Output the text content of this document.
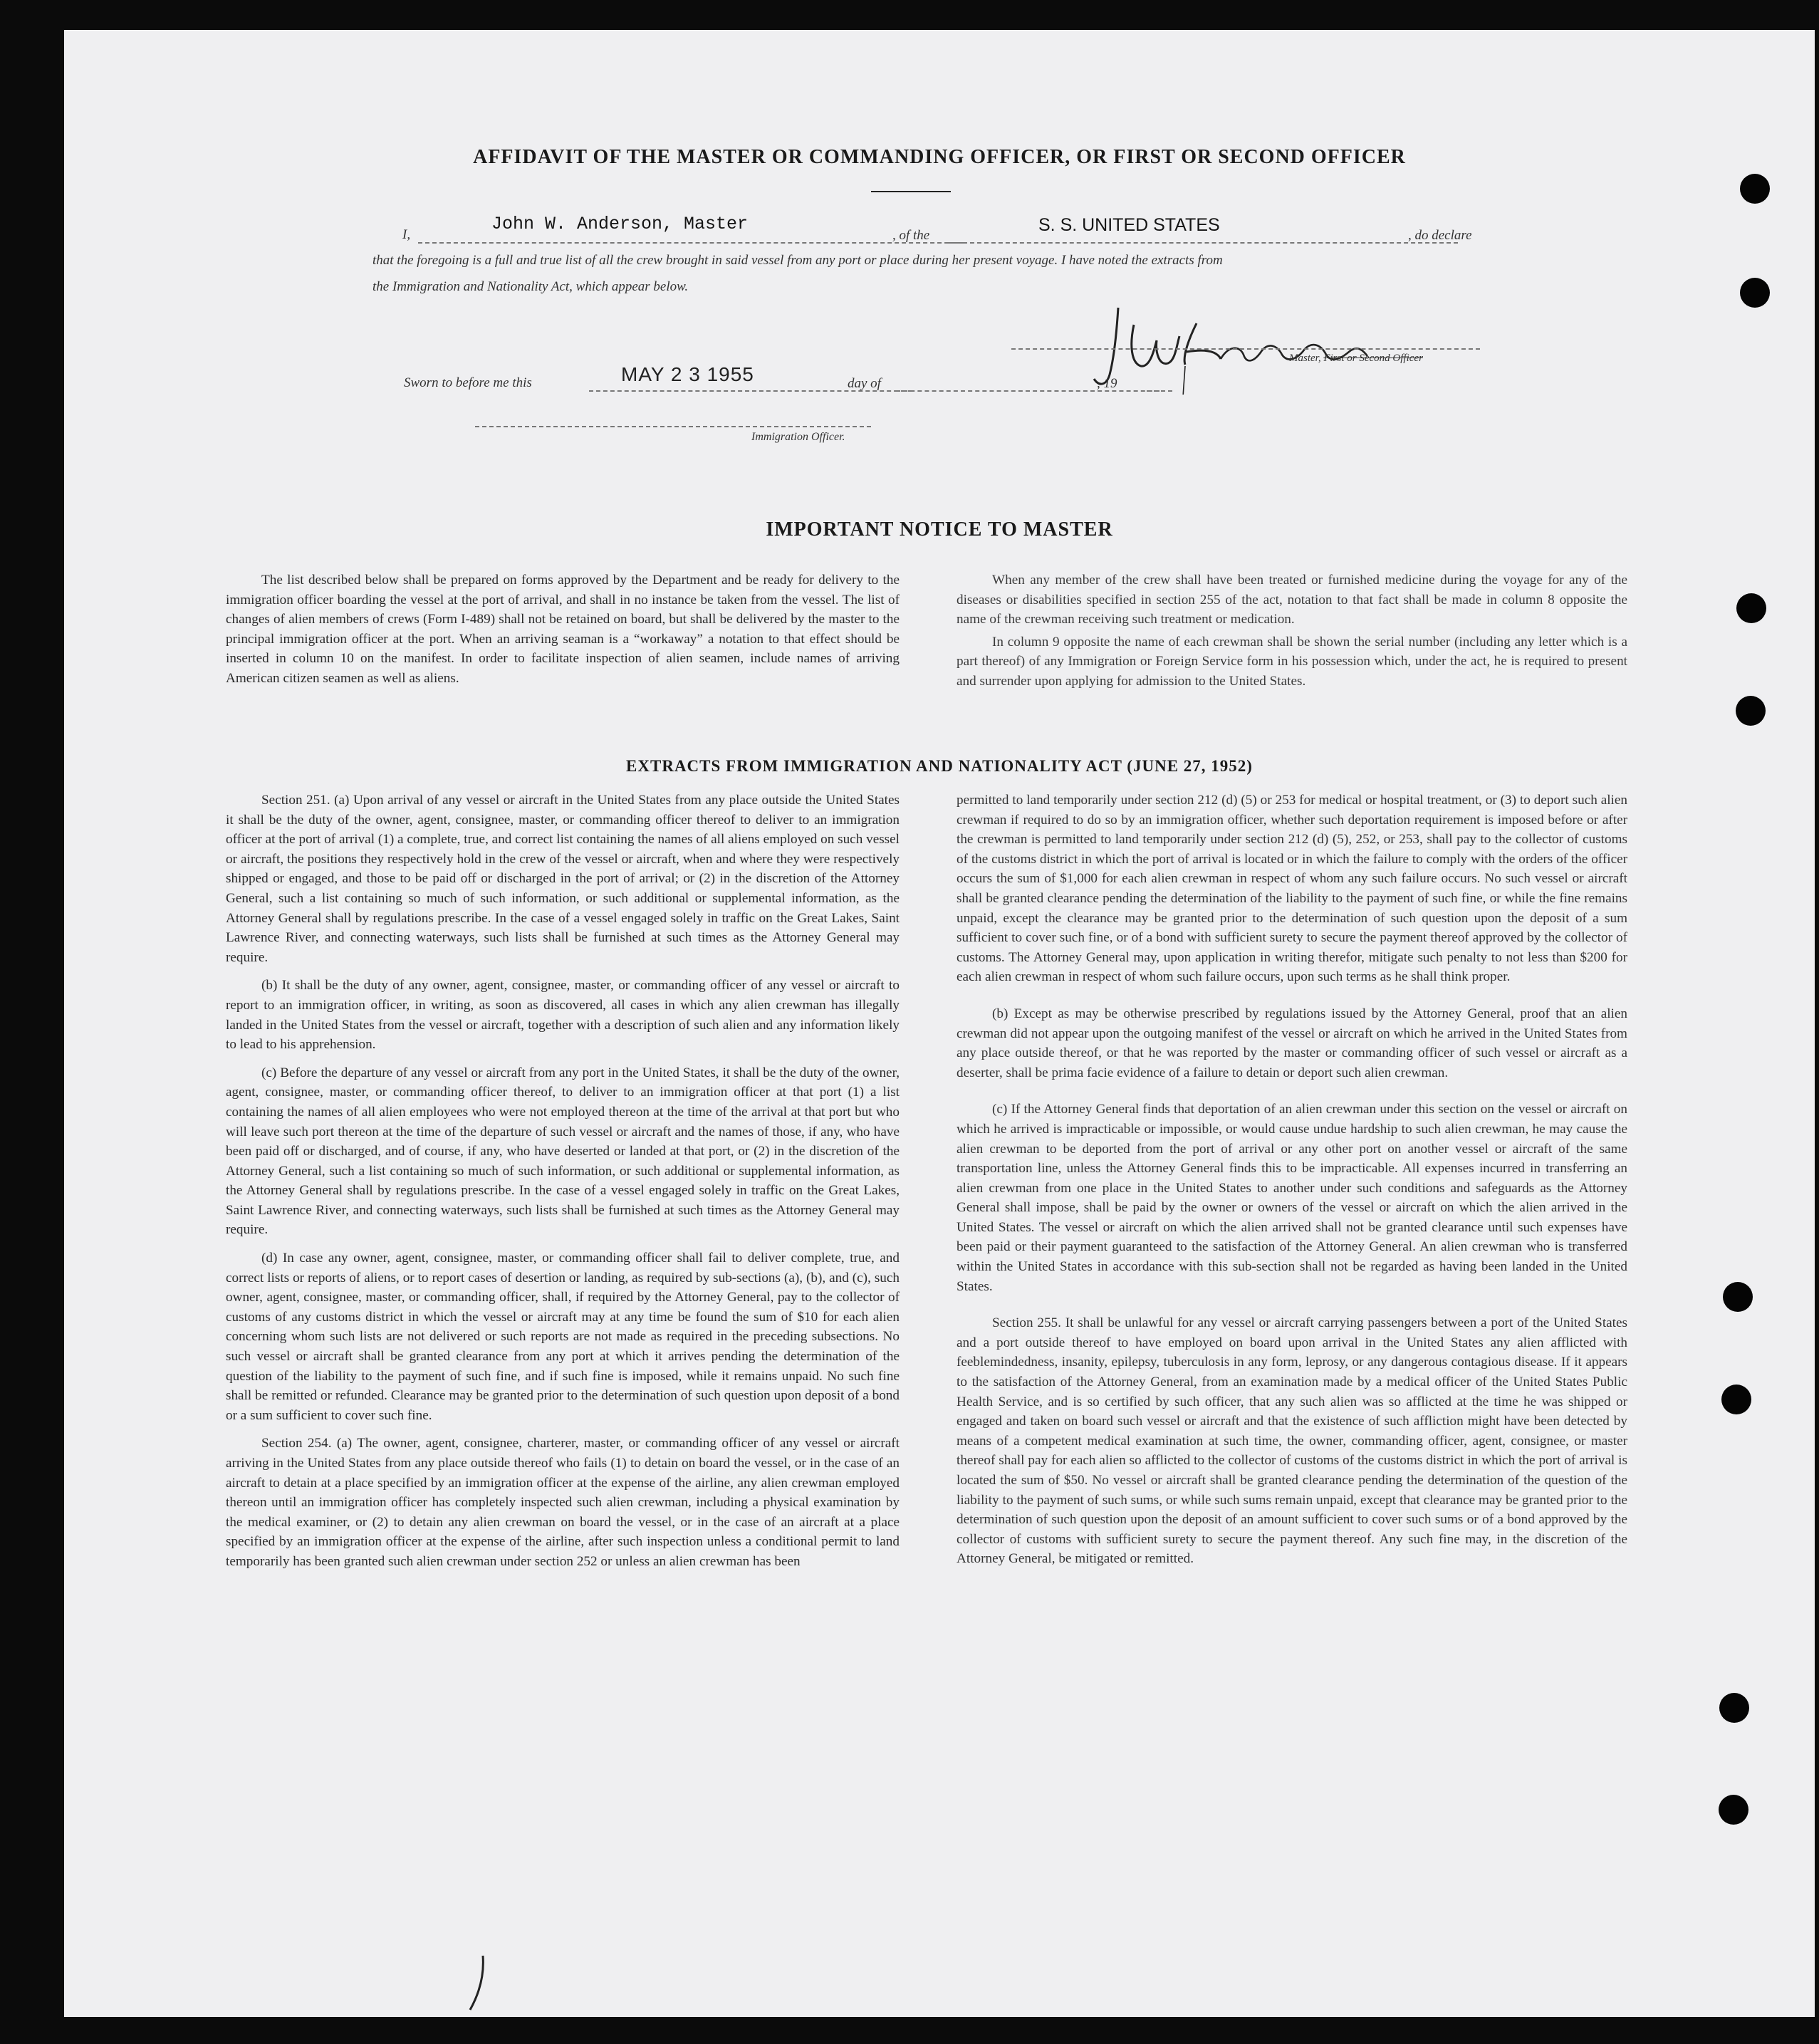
AFFIDAVIT OF THE MASTER OR COMMANDING OFFICER, OR FIRST OR SECOND OFFICER
I,
John W. Anderson, Master
, of the
S. S. UNITED STATES
, do declare
that the foregoing is a full and true list of all the crew brought in said vessel from any port or place during her present voyage. I have noted the extracts from
the Immigration and Nationality Act, which appear below.
Master, First or Second Officer
Sworn to before me this	MAY 2 3 1955	day of	, 19
Immigration Officer.
IMPORTANT NOTICE TO MASTER

The list described below shall be prepared on forms approved by the Department and be ready for delivery to the immigration officer boarding the vessel at the port of arrival, and shall in no instance be taken from the vessel. The list of changes of alien members of crews (Form I-489) shall not be retained on board, but shall be delivered by the master to the principal immigration officer at the port. When an arriving seaman is a “workaway” a notation to that effect should be inserted in column 10 on the manifest. In order to facilitate inspection of alien seamen, include names of arriving American citizen seamen as well as aliens.

When any member of the crew shall have been treated or furnished medicine during the voyage for any of the diseases or disabilities specified in section 255 of the act, notation to that fact shall be made in column 8 opposite the name of the crewman receiving such treatment or medication.

In column 9 opposite the name of each crewman shall be shown the serial number (including any letter which is a part thereof) of any Immigration or Foreign Service form in his possession which, under the act, he is required to present and surrender upon applying for admission to the United States.

EXTRACTS FROM IMMIGRATION AND NATIONALITY ACT (JUNE 27, 1952)

Section 251. (a) Upon arrival of any vessel or aircraft in the United States from any place outside the United States it shall be the duty of the owner, agent, consignee, master, or commanding officer thereof to deliver to an immigration officer at the port of arrival (1) a complete, true, and correct list containing the names of all aliens employed on such vessel or aircraft, the positions they respectively hold in the crew of the vessel or aircraft, when and where they were respectively shipped or engaged, and those to be paid off or discharged in the port of arrival; or (2) in the discretion of the Attorney General, such a list containing so much of such information, or such additional or supplemental information, as the Attorney General shall by regulations prescribe. In the case of a vessel engaged solely in traffic on the Great Lakes, Saint Lawrence River, and connecting waterways, such lists shall be furnished at such times as the Attorney General may require.

(b) It shall be the duty of any owner, agent, consignee, master, or commanding officer of any vessel or aircraft to report to an immigration officer, in writing, as soon as discovered, all cases in which any alien crewman has illegally landed in the United States from the vessel or aircraft, together with a description of such alien and any information likely to lead to his apprehension.

(c) Before the departure of any vessel or aircraft from any port in the United States, it shall be the duty of the owner, agent, consignee, master, or commanding officer thereof, to deliver to an immigration officer at that port (1) a list containing the names of all alien employees who were not employed thereon at the time of the arrival at that port but who will leave such port thereon at the time of the departure of such vessel or aircraft and the names of those, if any, who have been paid off or discharged, and of course, if any, who have deserted or landed at that port, or (2) in the discretion of the Attorney General, such a list containing so much of such information, or such additional or supplemental information, as the Attorney General shall by regulations prescribe. In the case of a vessel engaged solely in traffic on the Great Lakes, Saint Lawrence River, and connecting waterways, such lists shall be furnished at such times as the Attorney General may require.

(d) In case any owner, agent, consignee, master, or commanding officer shall fail to deliver complete, true, and correct lists or reports of aliens, or to report cases of desertion or landing, as required by sub-sections (a), (b), and (c), such owner, agent, consignee, master, or commanding officer, shall, if required by the Attorney General, pay to the collector of customs of any customs district in which the vessel or aircraft may at any time be found the sum of $10 for each alien concerning whom such lists are not delivered or such reports are not made as required in the preceding subsections. No such vessel or aircraft shall be granted clearance from any port at which it arrives pending the determination of the question of the liability to the payment of such fine, and if such fine is imposed, while it remains unpaid. No such fine shall be remitted or refunded. Clearance may be granted prior to the determination of such question upon deposit of a bond or a sum sufficient to cover such fine.

Section 254. (a) The owner, agent, consignee, charterer, master, or commanding officer of any vessel or aircraft arriving in the United States from any place outside thereof who fails (1) to detain on board the vessel, or in the case of an aircraft to detain at a place specified by an immigration officer at the expense of the airline, any alien crewman employed thereon until an immigration officer has completely inspected such alien crewman, including a physical examination by the medical examiner, or (2) to detain any alien crewman on board the vessel, or in the case of an aircraft at a place specified by an immigration officer at the expense of the airline, after such inspection unless a conditional permit to land temporarily has been granted such alien crewman under section 252 or unless an alien crewman has been

permitted to land temporarily under section 212 (d) (5) or 253 for medical or hospital treatment, or (3) to deport such alien crewman if required to do so by an immigration officer, whether such deportation requirement is imposed before or after the crewman is permitted to land temporarily under section 212 (d) (5), 252, or 253, shall pay to the collector of customs of the customs district in which the port of arrival is located or in which the failure to comply with the orders of the officer occurs the sum of $1,000 for each alien crewman in respect of whom any such failure occurs. No such vessel or aircraft shall be granted clearance pending the determination of the liability to the payment of such fine, or while the fine remains unpaid, except the clearance may be granted prior to the determination of such question upon the deposit of a sum sufficient to cover such fine, or of a bond with sufficient surety to secure the payment thereof approved by the collector of customs. The Attorney General may, upon application in writing therefor, mitigate such penalty to not less than $200 for each alien crewman in respect of whom such failure occurs, upon such terms as he shall think proper.

(b) Except as may be otherwise prescribed by regulations issued by the Attorney General, proof that an alien crewman did not appear upon the outgoing manifest of the vessel or aircraft on which he arrived in the United States from any place outside thereof, or that he was reported by the master or commanding officer of such vessel or aircraft as a deserter, shall be prima facie evidence of a failure to detain or deport such alien crewman.

(c) If the Attorney General finds that deportation of an alien crewman under this section on the vessel or aircraft on which he arrived is impracticable or impossible, or would cause undue hardship to such alien crewman, he may cause the alien crewman to be deported from the port of arrival or any other port on another vessel or aircraft of the same transportation line, unless the Attorney General finds this to be impracticable. All expenses incurred in transferring an alien crewman from one place in the United States to another under such conditions and safeguards as the Attorney General shall impose, shall be paid by the owner or owners of the vessel or aircraft on which the alien arrived in the United States. The vessel or aircraft on which the alien arrived shall not be granted clearance until such expenses have been paid or their payment guaranteed to the satisfaction of the Attorney General. An alien crewman who is transferred within the United States in accordance with this sub-section shall not be regarded as having been landed in the United States.

Section 255. It shall be unlawful for any vessel or aircraft carrying passengers between a port of the United States and a port outside thereof to have employed on board upon arrival in the United States any alien afflicted with feeblemindedness, insanity, epilepsy, tuberculosis in any form, leprosy, or any dangerous contagious disease. If it appears to the satisfaction of the Attorney General, from an examination made by a medical officer of the United States Public Health Service, and is so certified by such officer, that any such alien was so afflicted at the time he was shipped or engaged and taken on board such vessel or aircraft and that the existence of such affliction might have been detected by means of a competent medical examination at such time, the owner, commanding officer, agent, consignee, or master thereof shall pay for each alien so afflicted to the collector of customs of the customs district in which the port of arrival is located the sum of $50. No vessel or aircraft shall be granted clearance pending the determination of the question of the liability to the payment of such sums, or while such sums remain unpaid, except that clearance may be granted prior to the determination of such question upon the deposit of an amount sufficient to cover such sums or of a bond approved by the collector of customs with sufficient surety to secure the payment thereof. Any such fine may, in the discretion of the Attorney General, be mitigated or remitted.
